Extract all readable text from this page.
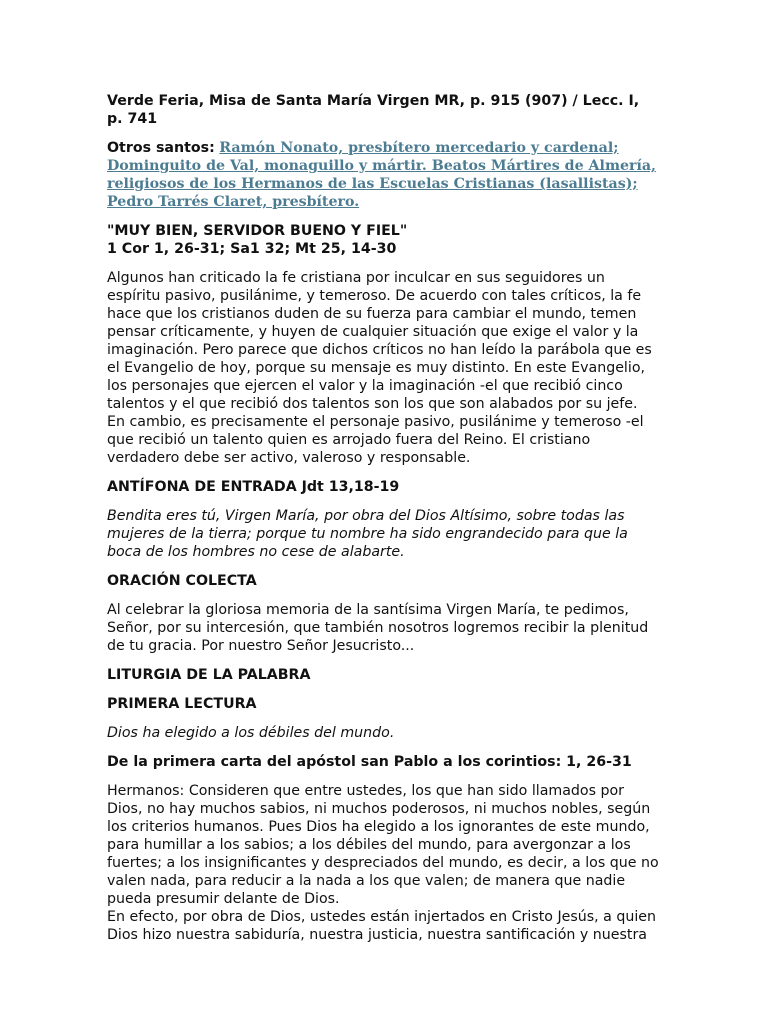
Verde Feria, Misa de Santa María Virgen MR, p. 915 (907) / Lecc. I, p. 741

Otros santos: Ramón Nonato, presbítero mercedario y cardenal; Dominguito de Val, monaguillo y mártir. Beatos Mártires de Almería, religiosos de los Hermanos de las Escuelas Cristianas (lasallistas); Pedro Tarrés Claret, presbítero.

"MUY BIEN, SERVIDOR BUENO Y FIEL"

1 Cor 1, 26-31; Sa1 32; Mt 25, 14-30

Algunos han criticado la fe cristiana por inculcar en sus seguidores un espíritu pasivo, pusilánime, y temeroso. De acuerdo con tales críticos, la fe hace que los cristianos duden de su fuerza para cambiar el mundo, temen pensar críticamente, y huyen de cualquier situación que exige el valor y la imaginación. Pero parece que dichos críticos no han leído la parábola que es el Evangelio de hoy, porque su mensaje es muy distinto. En este Evangelio, los personajes que ejercen el valor y la imaginación -el que recibió cinco talentos y el que recibió dos talentos son los que son alabados por su jefe. En cambio, es precisamente el personaje pasivo, pusilánime y temeroso -el que recibió un talento quien es arrojado fuera del Reino. El cristiano verdadero debe ser activo, valeroso y responsable.

ANTÍFONA DE ENTRADA Jdt 13,18-19

Bendita eres tú, Virgen María, por obra del Dios Altísimo, sobre todas las mujeres de la tierra; porque tu nombre ha sido engrandecido para que la boca de los hombres no cese de alabarte.

ORACIÓN COLECTA

Al celebrar la gloriosa memoria de la santísima Virgen María, te pedimos, Señor, por su intercesión, que también nosotros logremos recibir la plenitud de tu gracia. Por nuestro Señor Jesucristo...

LITURGIA DE LA PALABRA

PRIMERA LECTURA

Dios ha elegido a los débiles del mundo.

De la primera carta del apóstol san Pablo a los corintios: 1, 26-31

Hermanos: Consideren que entre ustedes, los que han sido llamados por Dios, no hay muchos sabios, ni muchos poderosos, ni muchos nobles, según los criterios humanos. Pues Dios ha elegido a los ignorantes de este mundo, para humillar a los sabios; a los débiles del mundo, para avergonzar a los fuertes; a los insignificantes y despreciados del mundo, es decir, a los que no valen nada, para reducir a la nada a los que valen; de manera que nadie pueda presumir delante de Dios.

En efecto, por obra de Dios, ustedes están injertados en Cristo Jesús, a quien Dios hizo nuestra sabiduría, nuestra justicia, nuestra santificación y nuestra
